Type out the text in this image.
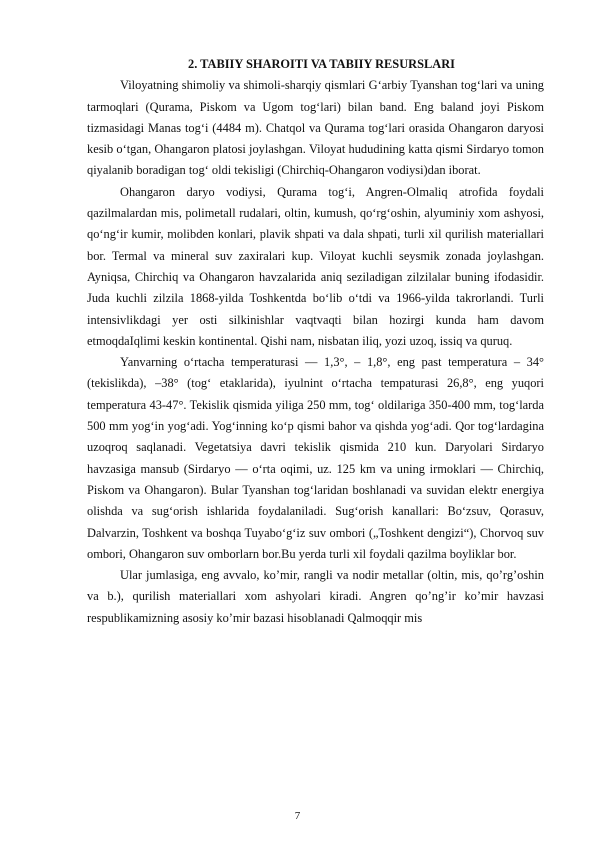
2. TABIIY SHAROITI VA TABIIY RESURSLARI

Viloyatning shimoliy va shimoli-sharqiy qismlari G‘arbiy Tyanshan tog‘lari va uning tarmoqlari (Qurama, Piskom va Ugom tog‘lari) bilan band. Eng baland joyi Piskom tizmasidagi Manas tog‘i (4484 m). Chatqol va Qurama tog‘lari orasida Ohangaron daryosi kesib o‘tgan, Ohangaron platosi joylashgan. Viloyat hududining katta qismi Sirdaryo tomon qiyalanib boradigan tog‘ oldi tekisligi (Chirchiq-Ohangaron vodiysi)dan iborat.

Ohangaron daryo vodiysi, Qurama tog‘i, Angren-Olmaliq atrofida foydali qazilmalardan mis, polimetall rudalari, oltin, kumush, qo‘rg‘oshin, alyuminiy xom ashyosi, qo‘ng‘ir kumir, molibden konlari, plavik shpati va dala shpati, turli xil qurilish materiallari bor. Termal va mineral suv zaxiralari kup. Viloyat kuchli seysmik zonada joylashgan. Ayniqsa, Chirchiq va Ohangaron havzalarida aniq seziladigan zilzilalar buning ifodasidir. Juda kuchli zilzila 1868-yilda Toshkentda bo‘lib o‘tdi va 1966-yilda takrorlandi. Turli intensivlikdagi yer osti silkinishlar vaqtvaqti bilan hozirgi kunda ham davom etmoqdaIqlimi keskin kontinental. Qishi nam, nisbatan iliq, yozi uzoq, issiq va quruq.

Yanvarning o‘rtacha temperaturasi — 1,3°, – 1,8°, eng past temperatura – 34° (tekislikda), –38° (tog‘ etaklarida), iyulnint o‘rtacha tempaturasi 26,8°, eng yuqori temperatura 43-47°. Tekislik qismida yiliga 250 mm, tog‘ oldilariga 350-400 mm, tog‘larda 500 mm yog‘in yog‘adi. Yog‘inning ko‘p qismi bahor va qishda yog‘adi. Qor tog‘lardagina uzoqroq saqlanadi. Vegetatsiya davri tekislik qismida 210 kun. Daryolari Sirdaryo havzasiga mansub (Sirdaryo — o‘rta oqimi, uz. 125 km va uning irmoklari — Chirchiq, Piskom va Ohangaron). Bular Tyanshan tog‘laridan boshlanadi va suvidan elektr energiya olishda va sug‘orish ishlarida foydalaniladi. Sug‘orish kanallari: Bo‘zsuv, Qorasuv, Dalvarzin, Toshkent va boshqa Tuyabo‘g‘iz suv ombori („Toshkent dengizi“), Chorvoq suv ombori, Ohangaron suv omborlarn bor.Bu yerda turli xil foydali qazilma boyliklar bor.

Ular jumlasiga, eng avvalo, ko’mir, rangli va nodir metallar (oltin, mis, qo’rg’oshin va b.), qurilish materiallari xom ashyolari kiradi. Angren qo’ng’ir ko’mir havzasi respublikamizning asosiy ko’mir bazasi hisoblanadi Qalmoqqir mis

7
